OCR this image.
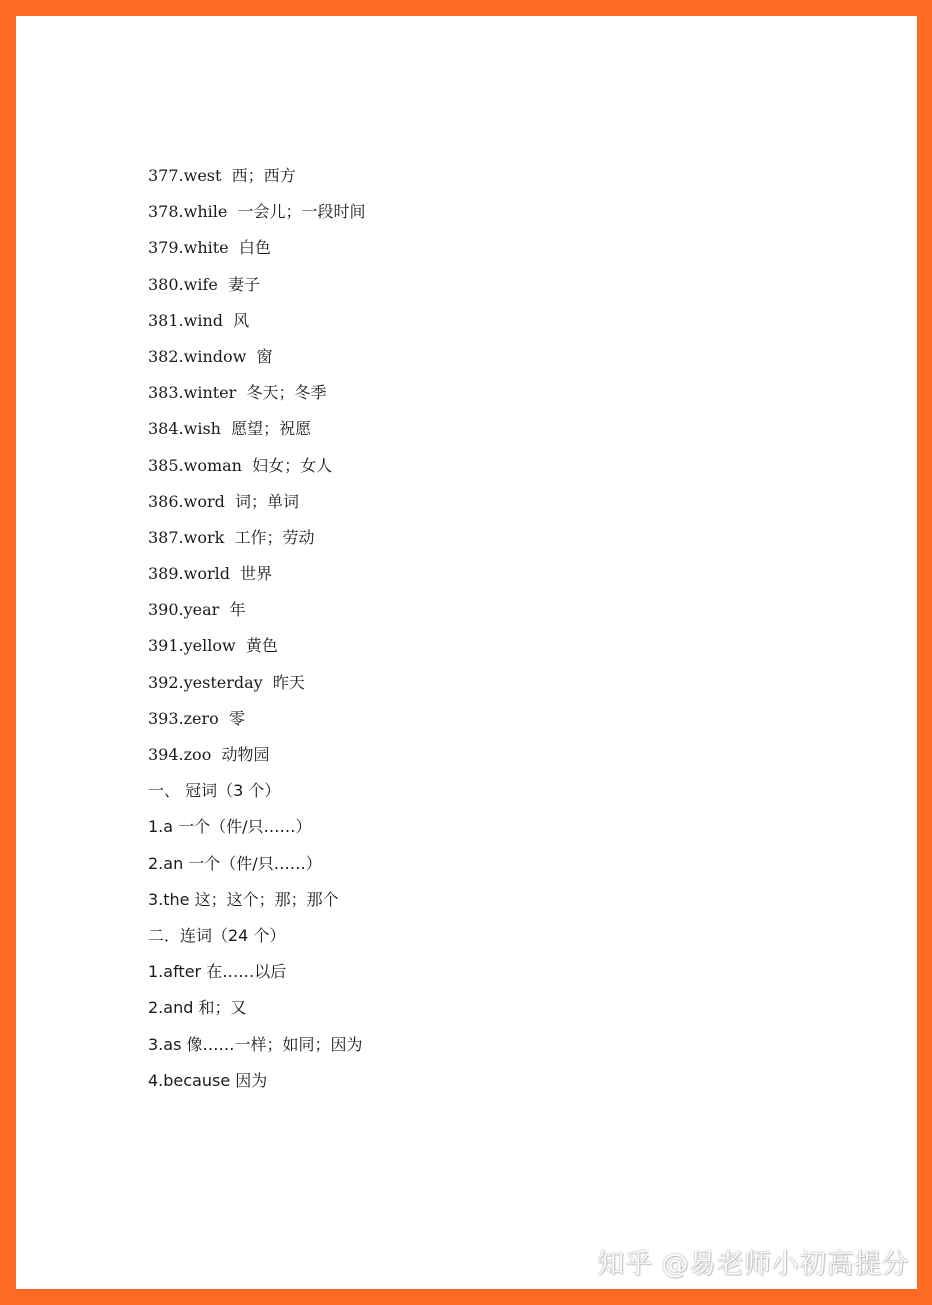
377.west 西；西方
378.while 一会儿；一段时间
379.white 白色
380.wife 妻子
381.wind 风
382.window 窗
383.winter 冬天；冬季
384.wish 愿望；祝愿
385.woman 妇女；女人
386.word 词；单词
387.work 工作；劳动
389.world 世界
390.year 年
391.yellow 黄色
392.yesterday 昨天
393.zero 零
394.zoo 动物园
一、 冠词（3 个）
1.a 一个（件/只……）
2.an 一个（件/只……）
3.the 这；这个；那；那个
二．连词（24 个）
1.after 在……以后
2.and 和；又
3.as 像……一样；如同；因为
4.because 因为
知乎 @易老师小初高提分
